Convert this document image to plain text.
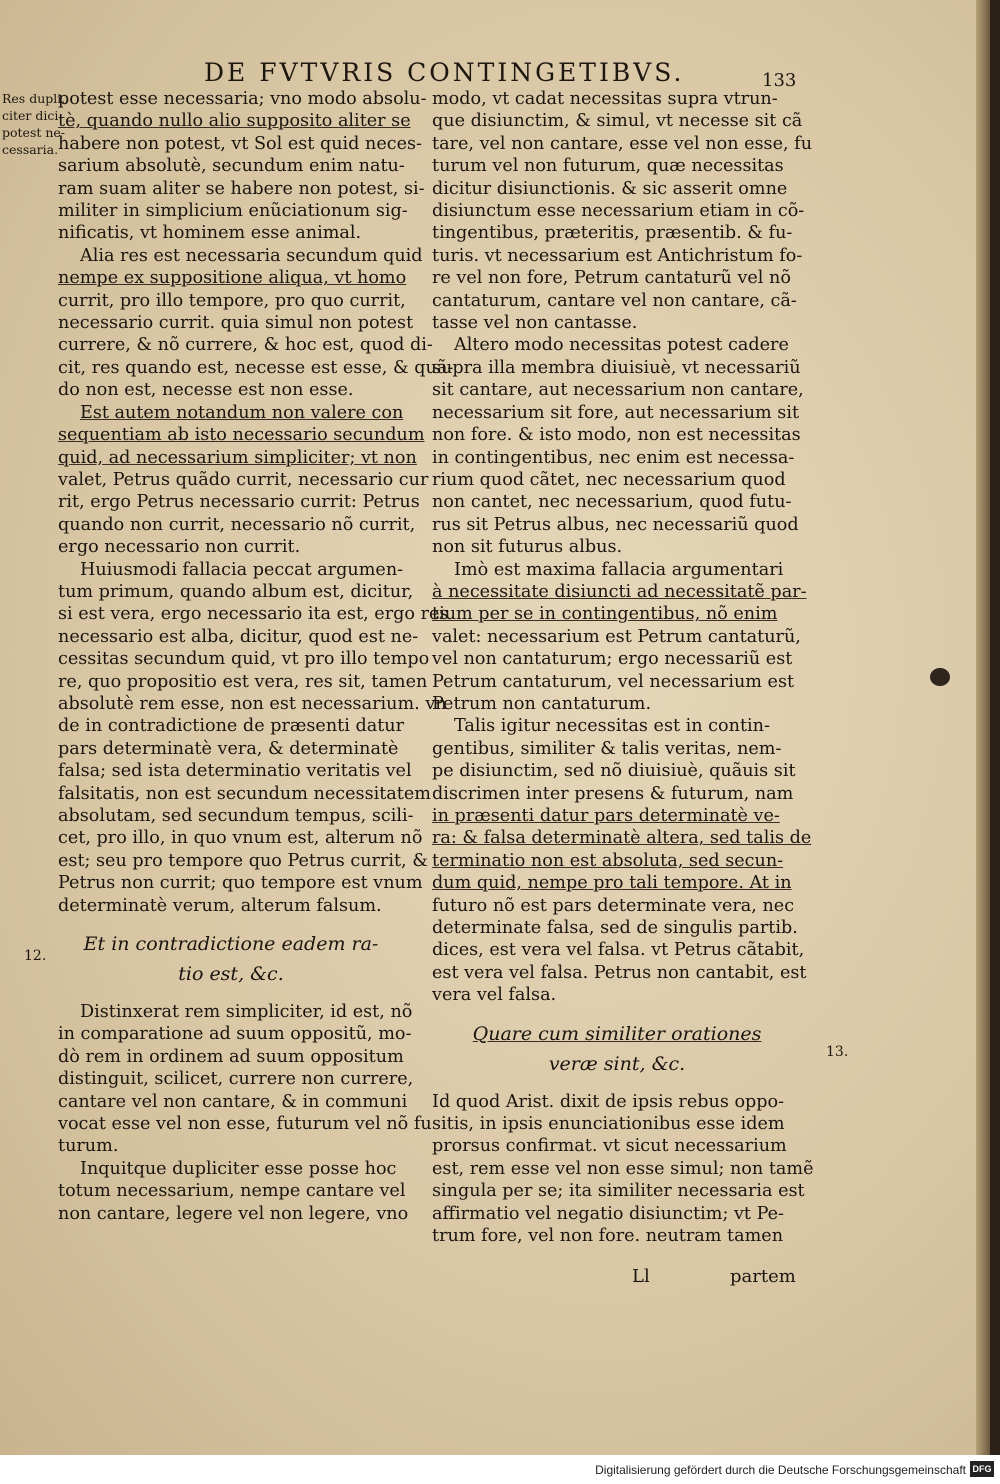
DE FVTVRIS CONTINGETIBVS.	133
Res dupli.
citer dici
potest ne-
cessaria.
12.
13.
potest esse necessaria; vno modo absolu-
tè, quando nullo alio supposito aliter se
habere non potest, vt Sol est quid neces-
sarium absolutè, secundum enim natu-
ram suam aliter se habere non potest, si-
militer in simplicium enũciationum sig-
nificatis, vt hominem esse animal.
Alia res est necessaria secundum quid
nempe ex suppositione aliqua, vt homo
currit, pro illo tempore, pro quo currit,
necessario currit. quia simul non potest
currere, & nõ currere, & hoc est, quod di-
cit, res quando est, necesse est esse, & quã-
do non est, necesse est non esse.
Est autem notandum non valere con
sequentiam ab isto necessario secundum
quid, ad necessarium simpliciter; vt non
valet, Petrus quãdo currit, necessario cur
rit, ergo Petrus necessario currit: Petrus
quando non currit, necessario nõ currit,
ergo necessario non currit.
Huiusmodi fallacia peccat argumen-
tum primum, quando album est, dicitur,
si est vera, ergo necessario ita est, ergo res
necessario est alba, dicitur, quod est ne-
cessitas secundum quid, vt pro illo tempo
re, quo propositio est vera, res sit, tamen
absolutè rem esse, non est necessarium. vn
de in contradictione de præsenti datur
pars determinatè vera, & determinatè
falsa; sed ista determinatio veritatis vel
falsitatis, non est secundum necessitatem
absolutam, sed secundum tempus, scili-
cet, pro illo, in quo vnum est, alterum nõ
est; seu pro tempore quo Petrus currit, &
Petrus non currit; quo tempore est vnum
determinatè verum, alterum falsum.
Et in contradictione eadem ra-
tio est, &c.
Distinxerat rem simpliciter, id est, nõ
in comparatione ad suum oppositũ, mo-
dò rem in ordinem ad suum oppositum
distinguit, scilicet, currere non currere,
cantare vel non cantare, & in communi
vocat esse vel non esse, futurum vel nõ fu
turum.
Inquitque dupliciter esse posse hoc
totum necessarium, nempe cantare vel
non cantare, legere vel non legere, vno
modo, vt cadat necessitas supra vtrun-
que disiunctim, & simul, vt necesse sit cã
tare, vel non cantare, esse vel non esse, fu
turum vel non futurum, quæ necessitas
dicitur disiunctionis. & sic asserit omne
disiunctum esse necessarium etiam in cõ-
tingentibus, præteritis, præsentib. & fu-
turis. vt necessarium est Antichristum fo-
re vel non fore, Petrum cantaturũ vel nõ
cantaturum, cantare vel non cantare, cã-
tasse vel non cantasse.
Altero modo necessitas potest cadere
supra illa membra diuisiuè, vt necessariũ
sit cantare, aut necessarium non cantare,
necessarium sit fore, aut necessarium sit
non fore. & isto modo, non est necessitas
in contingentibus, nec enim est necessa-
rium quod cãtet, nec necessarium quod
non cantet, nec necessarium, quod futu-
rus sit Petrus albus, nec necessariũ quod
non sit futurus albus.
Imò est maxima fallacia argumentari
à necessitate disiuncti ad necessitatẽ par-
tium per se in contingentibus, nõ enim
valet: necessarium est Petrum cantaturũ,
vel non cantaturum; ergo necessariũ est
Petrum cantaturum, vel necessarium est
Petrum non cantaturum.
Talis igitur necessitas est in contin-
gentibus, similiter & talis veritas, nem-
pe disiunctim, sed nõ diuisiuè, quãuis sit
discrimen inter presens & futurum, nam
in præsenti datur pars determinatè ve-
ra: & falsa determinatè altera, sed talis de
terminatio non est absoluta, sed secun-
dum quid, nempe pro tali tempore. At in
futuro nõ est pars determinate vera, nec
determinate falsa, sed de singulis partib.
dices, est vera vel falsa. vt Petrus cãtabit,
est vera vel falsa. Petrus non cantabit, est
vera vel falsa.
Quare cum similiter orationes
veræ sint, &c.
Id quod Arist. dixit de ipsis rebus oppo-
sitis, in ipsis enunciationibus esse idem
prorsus confirmat. vt sicut necessarium
est, rem esse vel non esse simul; non tamẽ
singula per se; ita similiter necessaria est
affirmatio vel negatio disiunctim; vt Pe-
trum fore, vel non fore. neutram tamen
Ll	partem
Digitalisierung gefördert durch die Deutsche Forschungsgemeinschaft DFG
